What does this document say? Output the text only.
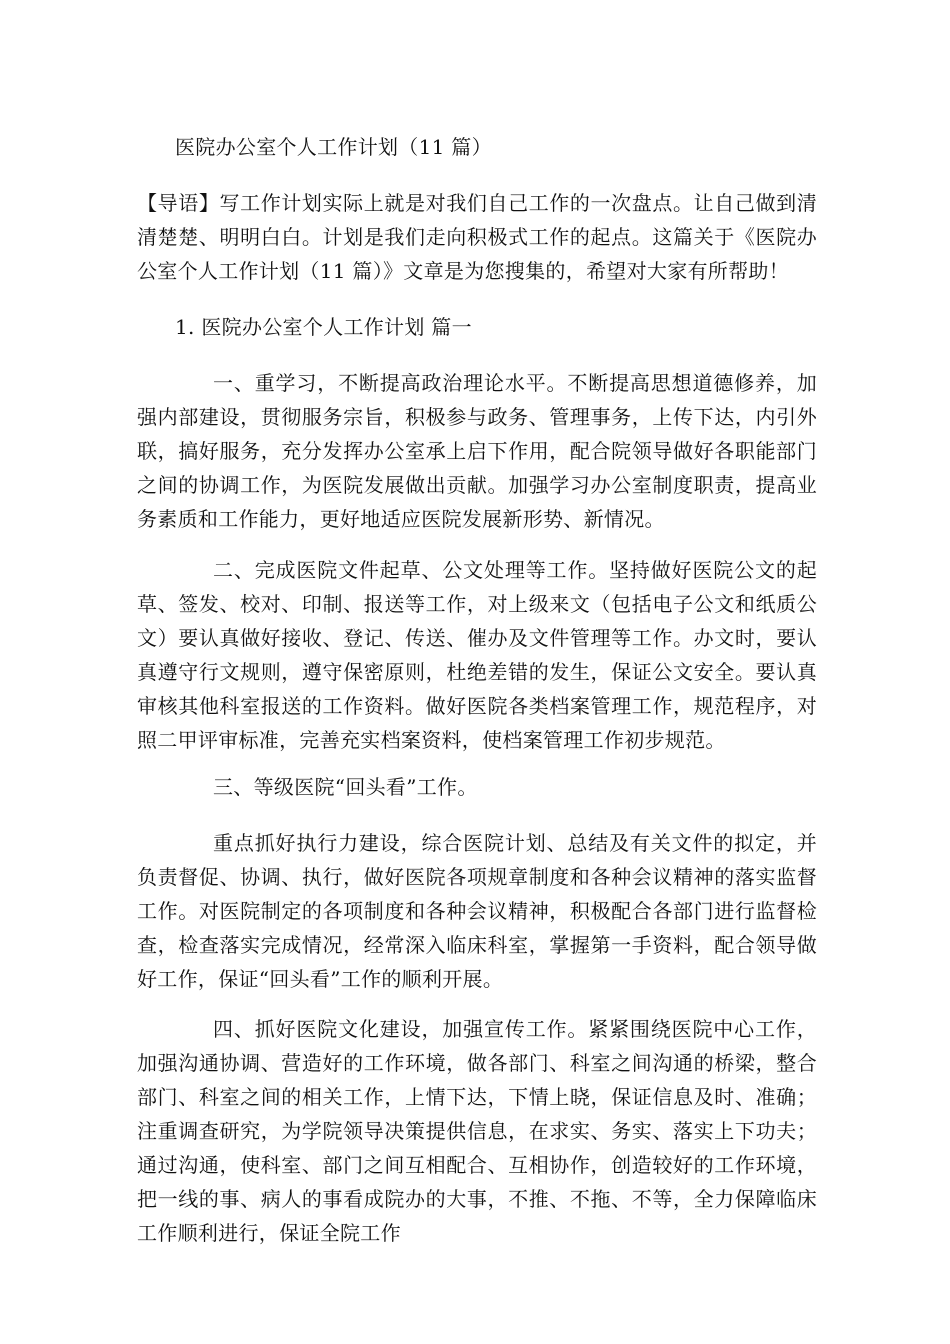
医院办公室个人工作计划（11 篇）
【导语】写工作计划实际上就是对我们自己工作的一次盘点。让自己做到清清楚楚、明明白白。计划是我们走向积极式工作的起点。这篇关于《医院办公室个人工作计划（11 篇）》文章是为您搜集的，希望对大家有所帮助！
1. 医院办公室个人工作计划 篇一
一、重学习，不断提高政治理论水平。不断提高思想道德修养，加强内部建设，贯彻服务宗旨，积极参与政务、管理事务，上传下达，内引外联，搞好服务，充分发挥办公室承上启下作用，配合院领导做好各职能部门之间的协调工作，为医院发展做出贡献。加强学习办公室制度职责，提高业务素质和工作能力，更好地适应医院发展新形势、新情况。
二、完成医院文件起草、公文处理等工作。坚持做好医院公文的起草、签发、校对、印制、报送等工作，对上级来文（包括电子公文和纸质公文）要认真做好接收、登记、传送、催办及文件管理等工作。办文时，要认真遵守行文规则，遵守保密原则，杜绝差错的发生，保证公文安全。要认真审核其他科室报送的工作资料。做好医院各类档案管理工作，规范程序，对照二甲评审标准，完善充实档案资料，使档案管理工作初步规范。
三、等级医院“回头看”工作。
重点抓好执行力建设，综合医院计划、总结及有关文件的拟定，并负责督促、协调、执行，做好医院各项规章制度和各种会议精神的落实监督工作。对医院制定的各项制度和各种会议精神，积极配合各部门进行监督检查，检查落实完成情况，经常深入临床科室，掌握第一手资料，配合领导做好工作，保证“回头看”工作的顺利开展。
四、抓好医院文化建设，加强宣传工作。紧紧围绕医院中心工作，加强沟通协调、营造好的工作环境，做各部门、科室之间沟通的桥梁，整合部门、科室之间的相关工作，上情下达，下情上晓，保证信息及时、准确；注重调查研究，为学院领导决策提供信息，在求实、务实、落实上下功夫；通过沟通，使科室、部门之间互相配合、互相协作，创造较好的工作环境，把一线的事、病人的事看成院办的大事，不推、不拖、不等，全力保障临床工作顺利进行，保证全院工作
